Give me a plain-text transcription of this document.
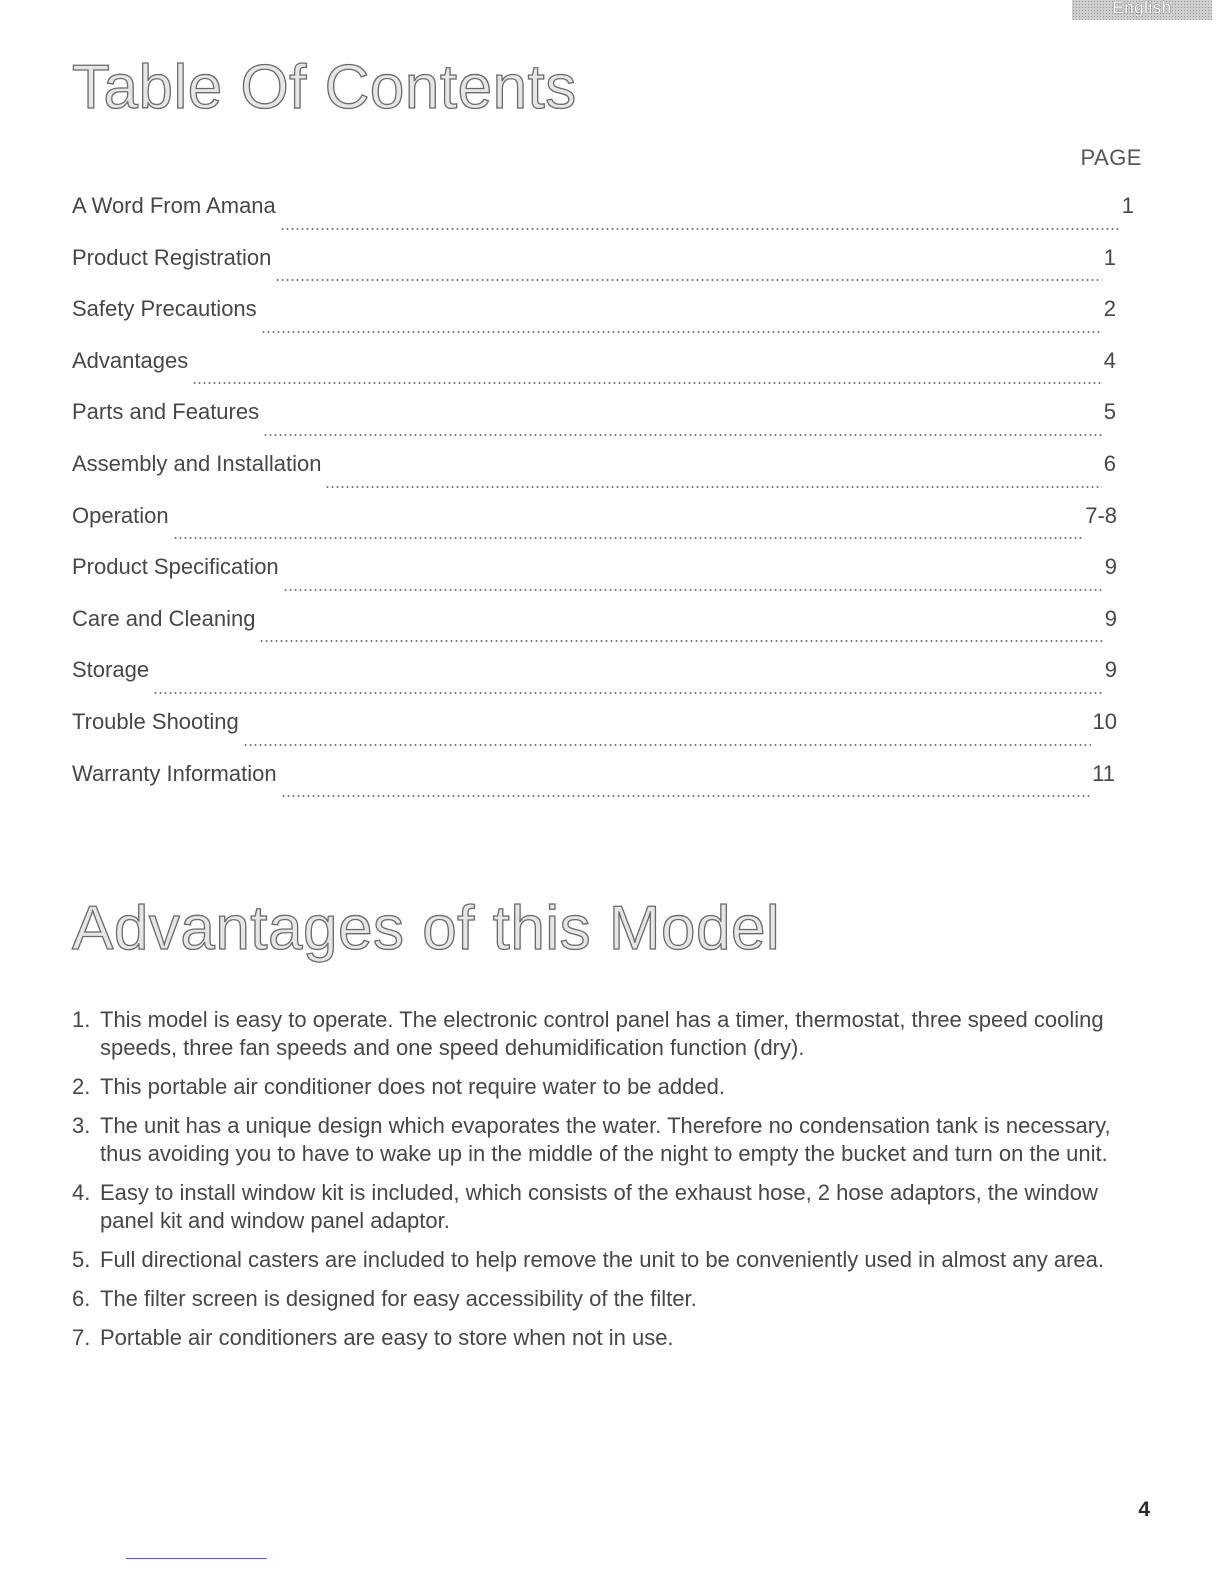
English
Table Of Contents
PAGE
A Word From Amana	1
Product Registration	1
Safety Precautions	2
Advantages	4
Parts and Features	5
Assembly and Installation	6
Operation	7-8
Product Specification	9
Care and Cleaning	9
Storage	9
Trouble Shooting	10
Warranty Information	11
Advantages of this Model
1. This model is easy to operate. The electronic control panel has a timer, thermostat, three speed cooling speeds, three fan speeds and one speed dehumidification function (dry).
2. This portable air conditioner does not require water to be added.
3. The unit has a unique design which evaporates the water. Therefore no condensation tank is necessary, thus avoiding you to have to wake up in the middle of the night to empty the bucket and turn on the unit.
4. Easy to install window kit is included, which consists of the exhaust hose, 2 hose adaptors, the window panel kit and window panel adaptor.
5. Full directional casters are included to help remove the unit to be conveniently used in almost any area.
6. The filter screen is designed for easy accessibility of the filter.
7. Portable air conditioners are easy to store when not in use.
4
